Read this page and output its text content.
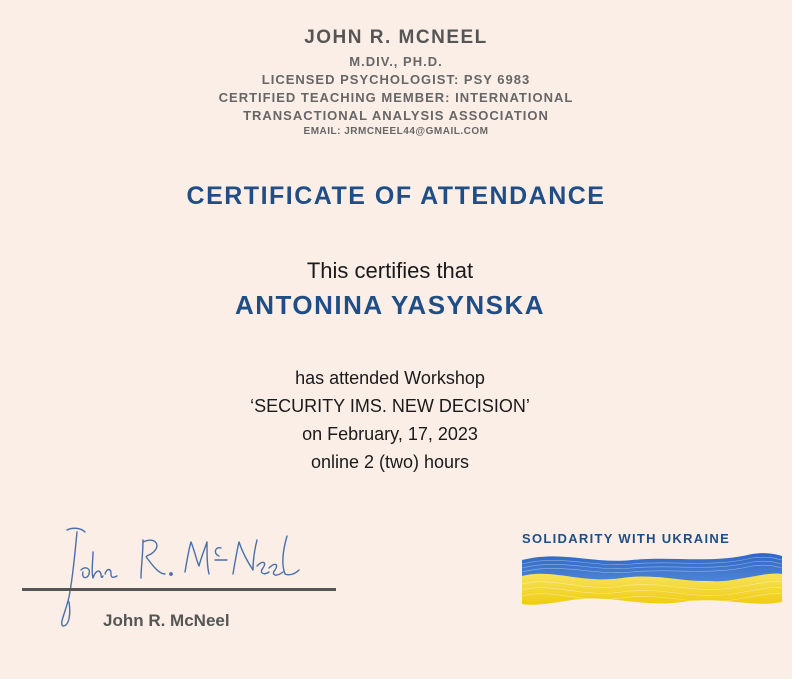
JOHN R. MCNEEL
M.DIV., PH.D.
LICENSED PSYCHOLOGIST: PSY 6983
CERTIFIED TEACHING MEMBER: INTERNATIONAL
TRANSACTIONAL ANALYSIS ASSOCIATION
EMAIL: JRMCNEEL44@GMAIL.COM
CERTIFICATE OF ATTENDANCE
This certifies that
ANTONINA YASYNSKA
has attended Workshop
‘SECURITY IMS. NEW DECISION’
on February, 17, 2023
online 2 (two) hours
John R. McNeel
SOLIDARITY WITH UKRAINE
